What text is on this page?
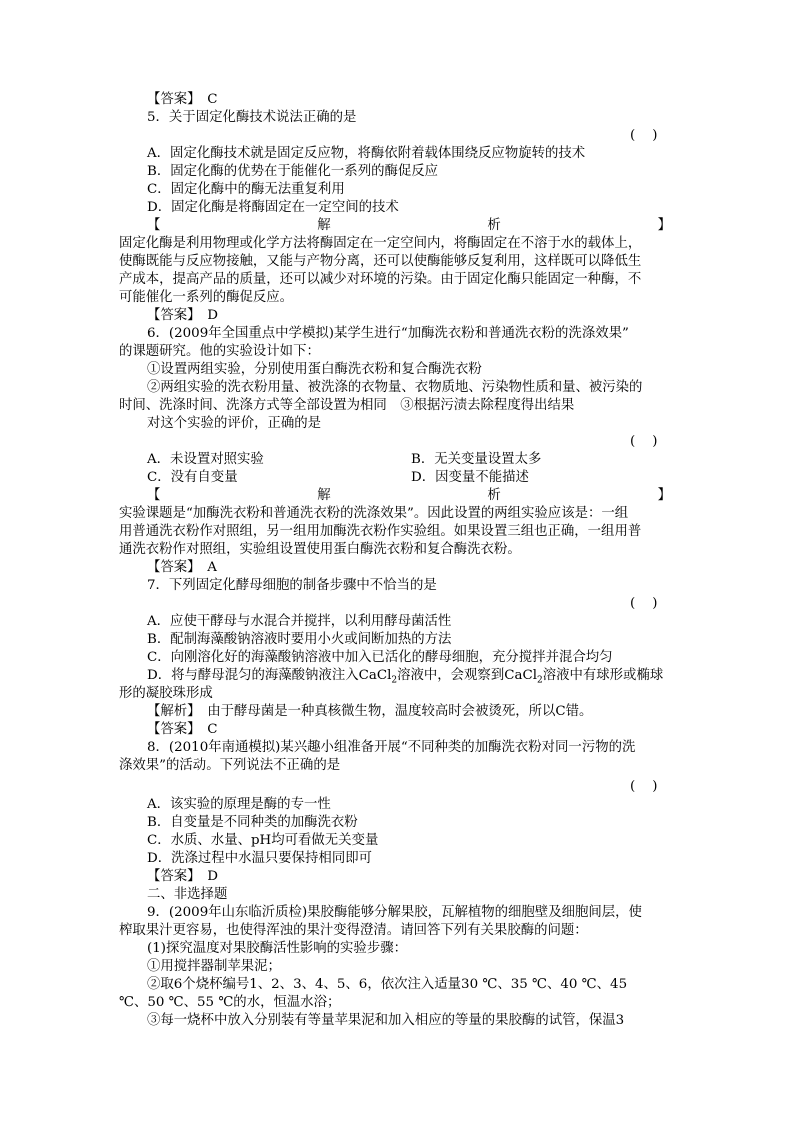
【答案】　 C
5．关于固定化酶技术说法正确的是
(    )
A．固定化酶技术就是固定反应物，将酶依附着载体围绕反应物旋转的技术
B．固定化酶的优势在于能催化一系列的酶促反应
C．固定化酶中的酶无法重复利用
D．固定化酶是将酶固定在一定空间的技术
【	解	析	】
固定化酶是利用物理或化学方法将酶固定在一定空间内，将酶固定在不溶于水的载体上，
使酶既能与反应物接触，又能与产物分离，还可以使酶能够反复利用，这样既可以降低生
产成本，提高产品的质量，还可以减少对环境的污染。由于固定化酶只能固定一种酶，不
可能催化一系列的酶促反应。
【答案】　 D
6．(2009年全国重点中学模拟)某学生进行“加酶洗衣粉和普通洗衣粉的洗涤效果”
的课题研究。他的实验设计如下：
①设置两组实验，分别使用蛋白酶洗衣粉和复合酶洗衣粉
②两组实验的洗衣粉用量、被洗涤的衣物量、衣物质地、污染物性质和量、被污染的
时间、洗涤时间、洗涤方式等全部设置为相同　③根据污渍去除程度得出结果
对这个实验的评价，正确的是
(    )
A．未设置对照实验	B．无关变量设置太多
C．没有自变量	D．因变量不能描述
【	解	析	】
实验课题是“加酶洗衣粉和普通洗衣粉的洗涤效果”。因此设置的两组实验应该是：一组
用普通洗衣粉作对照组，另一组用加酶洗衣粉作实验组。如果设置三组也正确，一组用普
通洗衣粉作对照组，实验组设置使用蛋白酶洗衣粉和复合酶洗衣粉。
【答案】　 A
7．下列固定化酵母细胞的制备步骤中不恰当的是
(    )
A．应使干酵母与水混合并搅拌，以利用酵母菌活性
B．配制海藻酸钠溶液时要用小火或间断加热的方法
C．向刚溶化好的海藻酸钠溶液中加入已活化的酵母细胞，充分搅拌并混合均匀
D．将与酵母混匀的海藻酸钠液注入CaCl$_2$溶液中，会观察到CaCl$_2$溶液中有球形或椭球
形的凝胶珠形成
【解析】　 由于酵母菌是一种真核微生物，温度较高时会被烫死，所以C错。
【答案】　 C
8．(2010年南通模拟)某兴趣小组准备开展“不同种类的加酶洗衣粉对同一污物的洗
涤效果”的活动。下列说法不正确的是
(    )
A．该实验的原理是酶的专一性
B．自变量是不同种类的加酶洗衣粉
C．水质、水量、pH均可看做无关变量
D．洗涤过程中水温只要保持相同即可
【答案】　 D
二、非选择题
9．(2009年山东临沂质检)果胶酶能够分解果胶，瓦解植物的细胞壁及细胞间层，使
榨取果汁更容易，也使得浑浊的果汁变得澄清。请回答下列有关果胶酶的问题：
(1)探究温度对果胶酶活性影响的实验步骤：
①用搅拌器制苹果泥；
②取6个烧杯编号1、2、3、4、5、6，依次注入适量30 ℃、35 ℃、40 ℃、45
℃、50 ℃、55 ℃的水，恒温水浴；
③每一烧杯中放入分别装有等量苹果泥和加入相应的等量的果胶酶的试管，保温3
